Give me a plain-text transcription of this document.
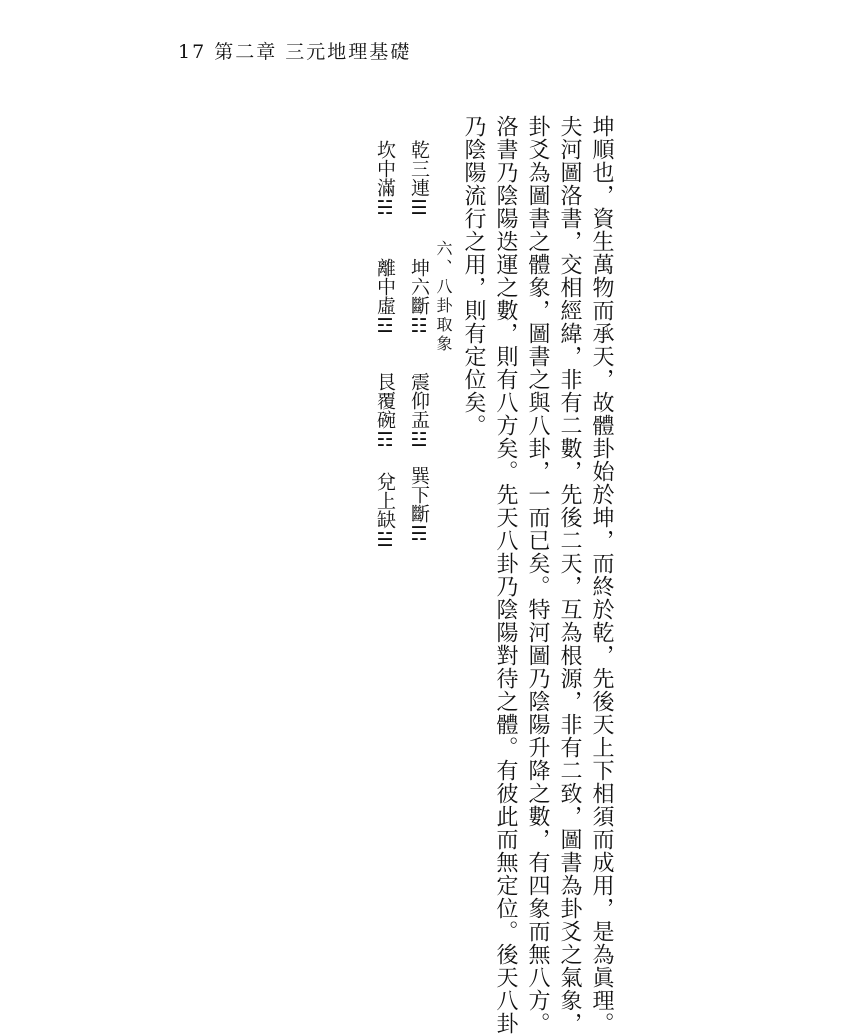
17 第二章 三元地理基礎
坤順也，資生萬物而承天，故體卦始於坤，而終於乾，先後天上下相須而成用，是為眞理。
夫河圖洛書，交相經緯，非有二數，先後二天，互為根源，非有二致，圖書為卦爻之氣象，
卦爻為圖書之體象，圖書之與八卦，一而已矣。特河圖乃陰陽升降之數，有四象而無八方。
洛書乃陰陽迭運之數，則有八方矣。先天八卦乃陰陽對待之體。有彼此而無定位。後天八卦
乃陰陽流行之用，則有定位矣。
六、八卦取象
乾三連☰
坤六斷☷
震仰盂☳
巽下斷☴
坎中滿☵
離中虛☲
艮覆碗☶
兌上缺☱
